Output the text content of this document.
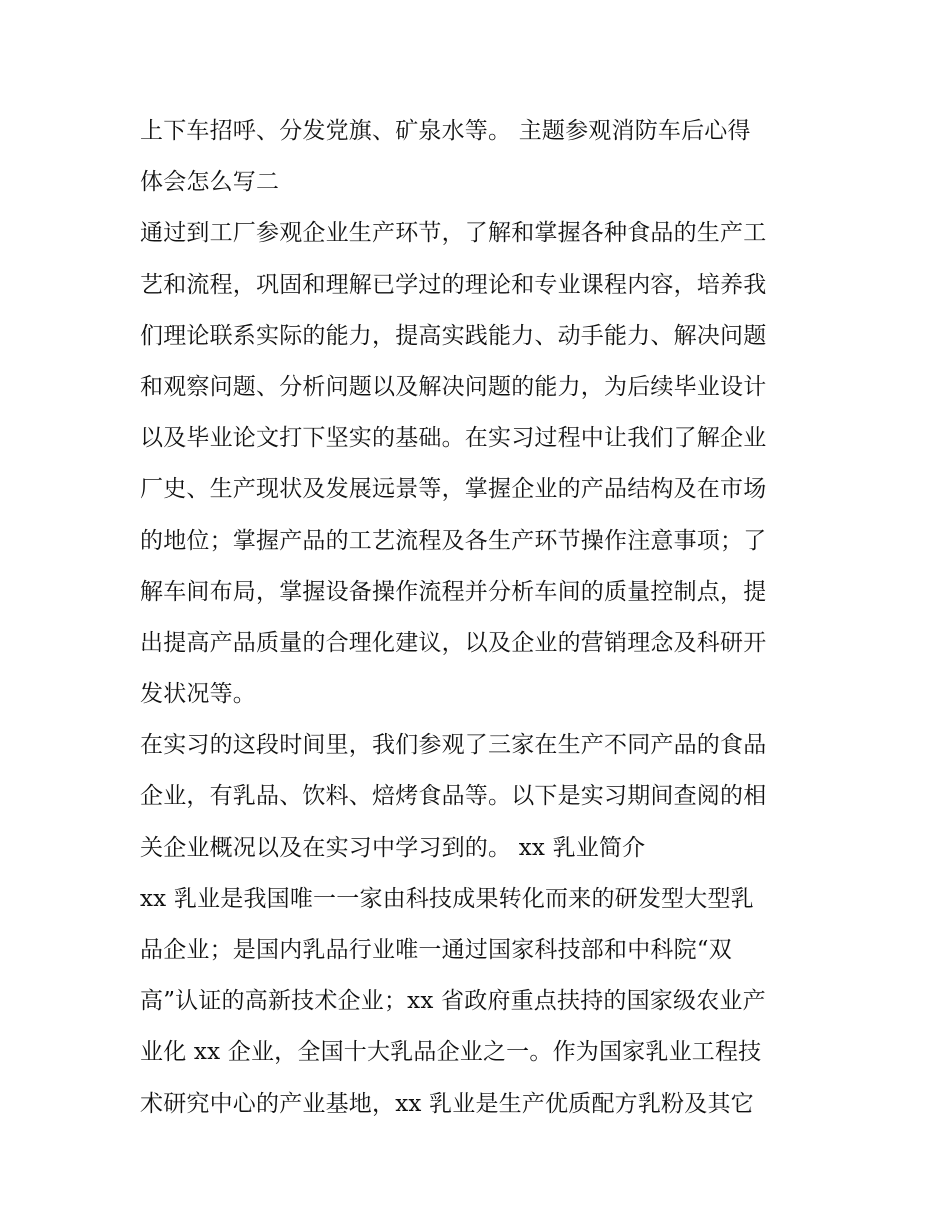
上下车招呼、分发党旗、矿泉水等。 主题参观消防车后心得
体会怎么写二
通过到工厂参观企业生产环节，了解和掌握各种食品的生产工
艺和流程，巩固和理解已学过的理论和专业课程内容，培养我
们理论联系实际的能力，提高实践能力、动手能力、解决问题
和观察问题、分析问题以及解决问题的能力，为后续毕业设计
以及毕业论文打下坚实的基础。在实习过程中让我们了解企业
厂史、生产现状及发展远景等，掌握企业的产品结构及在市场
的地位；掌握产品的工艺流程及各生产环节操作注意事项；了
解车间布局，掌握设备操作流程并分析车间的质量控制点，提
出提高产品质量的合理化建议，以及企业的营销理念及科研开
发状况等。
在实习的这段时间里，我们参观了三家在生产不同产品的食品
企业，有乳品、饮料、焙烤食品等。以下是实习期间查阅的相
关企业概况以及在实习中学习到的。 xx 乳业简介
xx 乳业是我国唯一一家由科技成果转化而来的研发型大型乳
品企业；是国内乳品行业唯一通过国家科技部和中科院“双
高”认证的高新技术企业；xx 省政府重点扶持的国家级农业产
业化 xx 企业，全国十大乳品企业之一。作为国家乳业工程技
术研究中心的产业基地，xx 乳业是生产优质配方乳粉及其它
